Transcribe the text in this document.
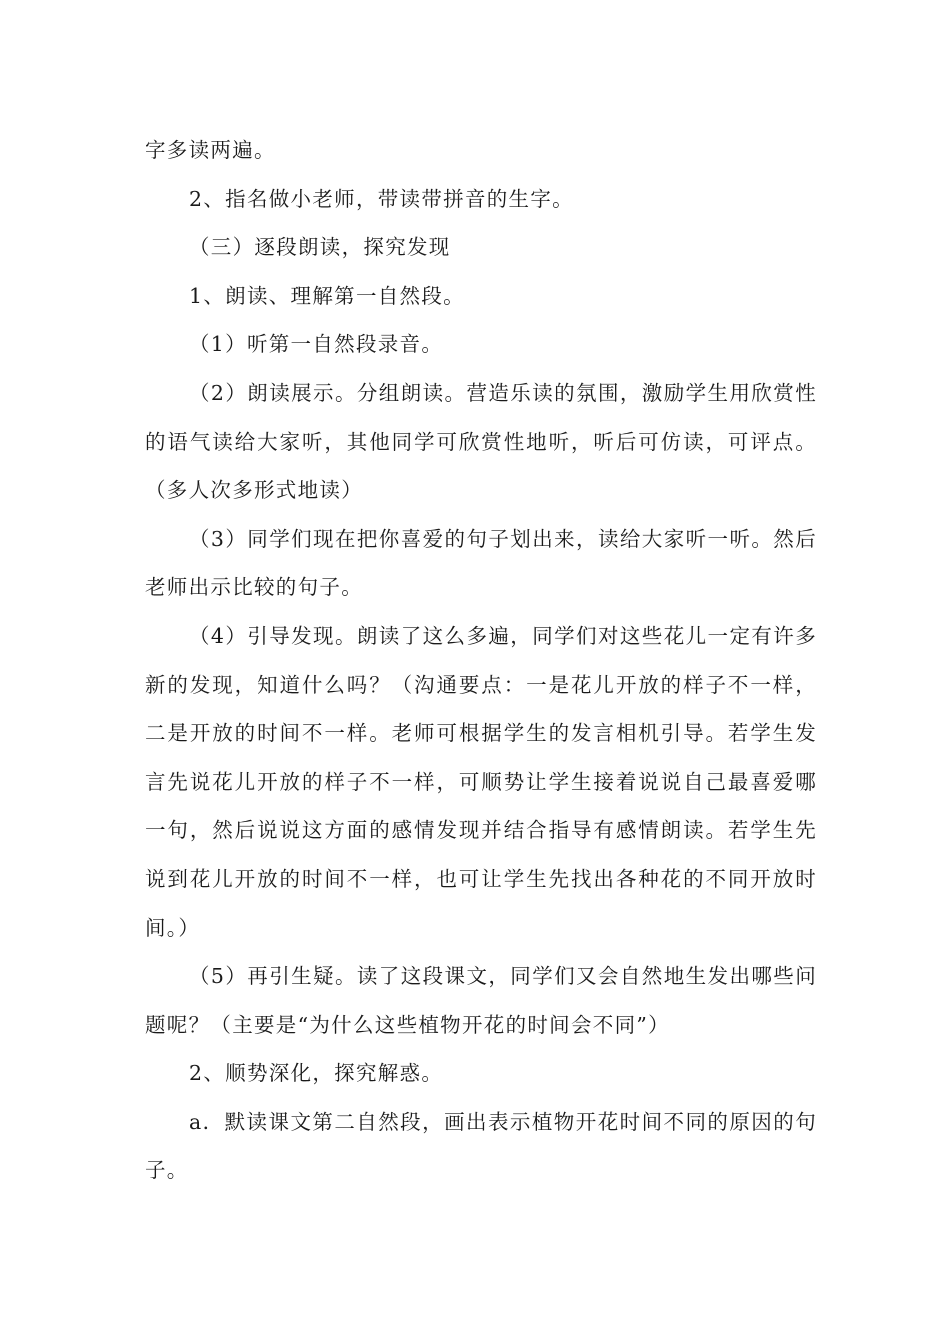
字多读两遍。

2、指名做小老师，带读带拼音的生字。

（三）逐段朗读，探究发现

1、朗读、理解第一自然段。

（1）听第一自然段录音。

（2）朗读展示。分组朗读。营造乐读的氛围，激励学生用欣赏性的语气读给大家听，其他同学可欣赏性地听，听后可仿读，可评点。（多人次多形式地读）

（3）同学们现在把你喜爱的句子划出来，读给大家听一听。然后老师出示比较的句子。

（4）引导发现。朗读了这么多遍，同学们对这些花儿一定有许多新的发现，知道什么吗？（沟通要点：一是花儿开放的样子不一样，二是开放的时间不一样。老师可根据学生的发言相机引导。若学生发言先说花儿开放的样子不一样，可顺势让学生接着说说自己最喜爱哪一句，然后说说这方面的感情发现并结合指导有感情朗读。若学生先说到花儿开放的时间不一样，也可让学生先找出各种花的不同开放时间。）

（5）再引生疑。读了这段课文，同学们又会自然地生发出哪些问题呢？（主要是“为什么这些植物开花的时间会不同”）

2、顺势深化，探究解惑。

a．默读课文第二自然段，画出表示植物开花时间不同的原因的句子。
